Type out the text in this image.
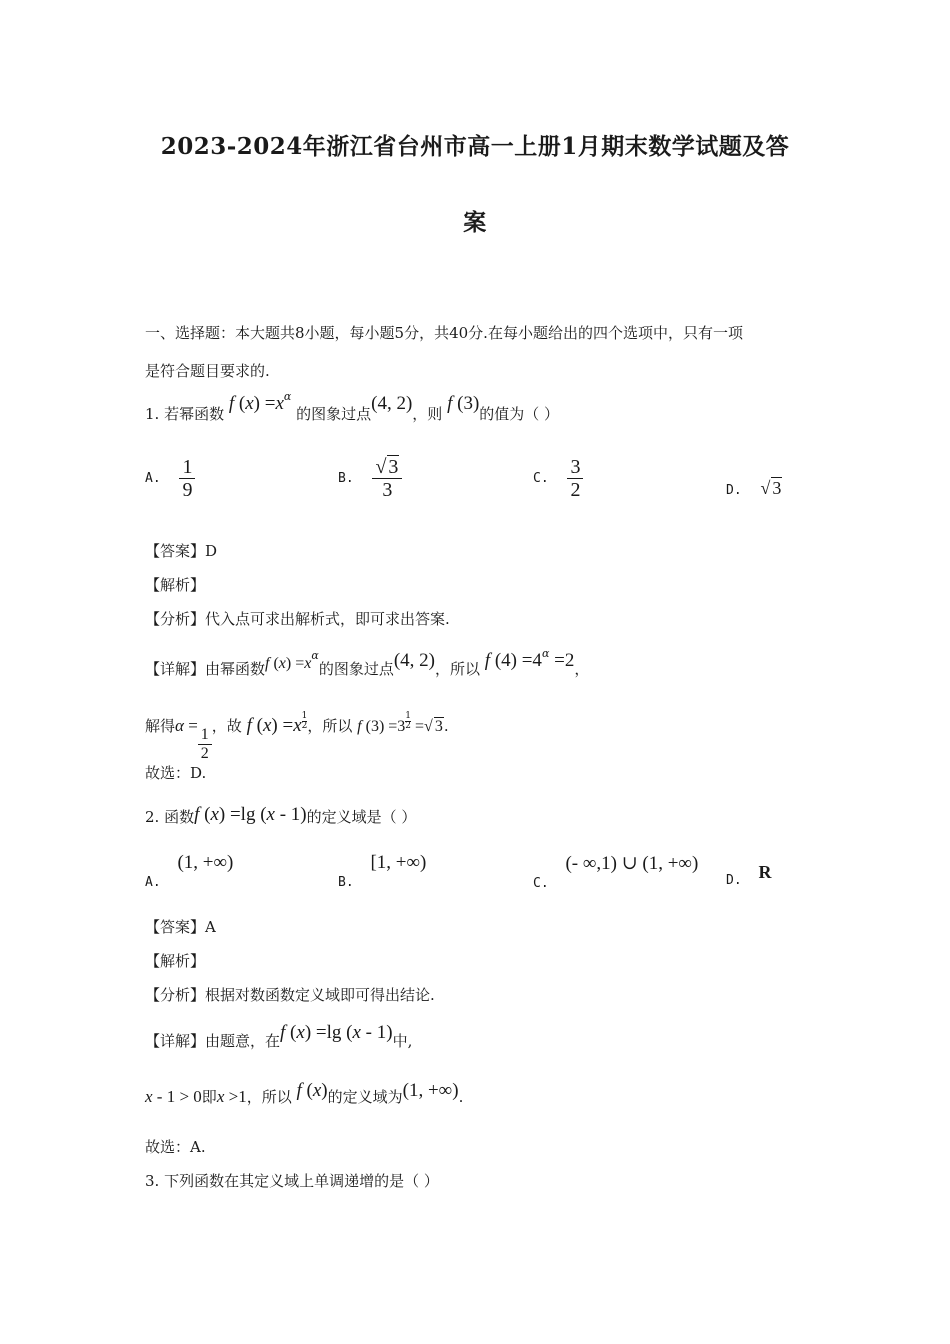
2023-2024年浙江省台州市高一上册1月期末数学试题及答
案
一、选择题：本大题共8小题，每小题5分，共40分.在每小题给出的四个选项中，只有一项
是符合题目要求的.
1. 若幂函数 f $(x) =x^\alpha$ 的图象过点(4, 2)，则 f (3)的值为（ ）
A. $\frac{1}{9}$	B. $\frac{√ 3}{3}$	C. $\frac{3}{2}$	D. √ 3
【答案】D
【解析】
【分析】代入点可求出解析式，即可求出答案.
【详解】由幂函数f $(x) =x^\alpha$的图象过点(4, 2)，所以 f $(4) =4^\alpha =2$，
解得α =
$\frac{1}{2}$ ，故 f $(x) =x \frac{1}{2}$ ，所以 f $(3) =3 \frac{1}{2}$ =√ 3.
故选：D.
2. 函数f (x) =lg (x - 1)的定义域是（ ）
A. (1, +∞)
B. [1, +∞)
C. (- ∞,1) ∪ (1, +∞)
D. R
【答案】A
【解析】
【分析】根据对数函数定义域即可得出结论.
【详解】由题意，在f (x) =lg (x - 1)中,
x - 1 > 0即x >1，所以 f (x)的定义域为(1, +∞).
故选：A.
3. 下列函数在其定义域上单调递增的是（ ）
